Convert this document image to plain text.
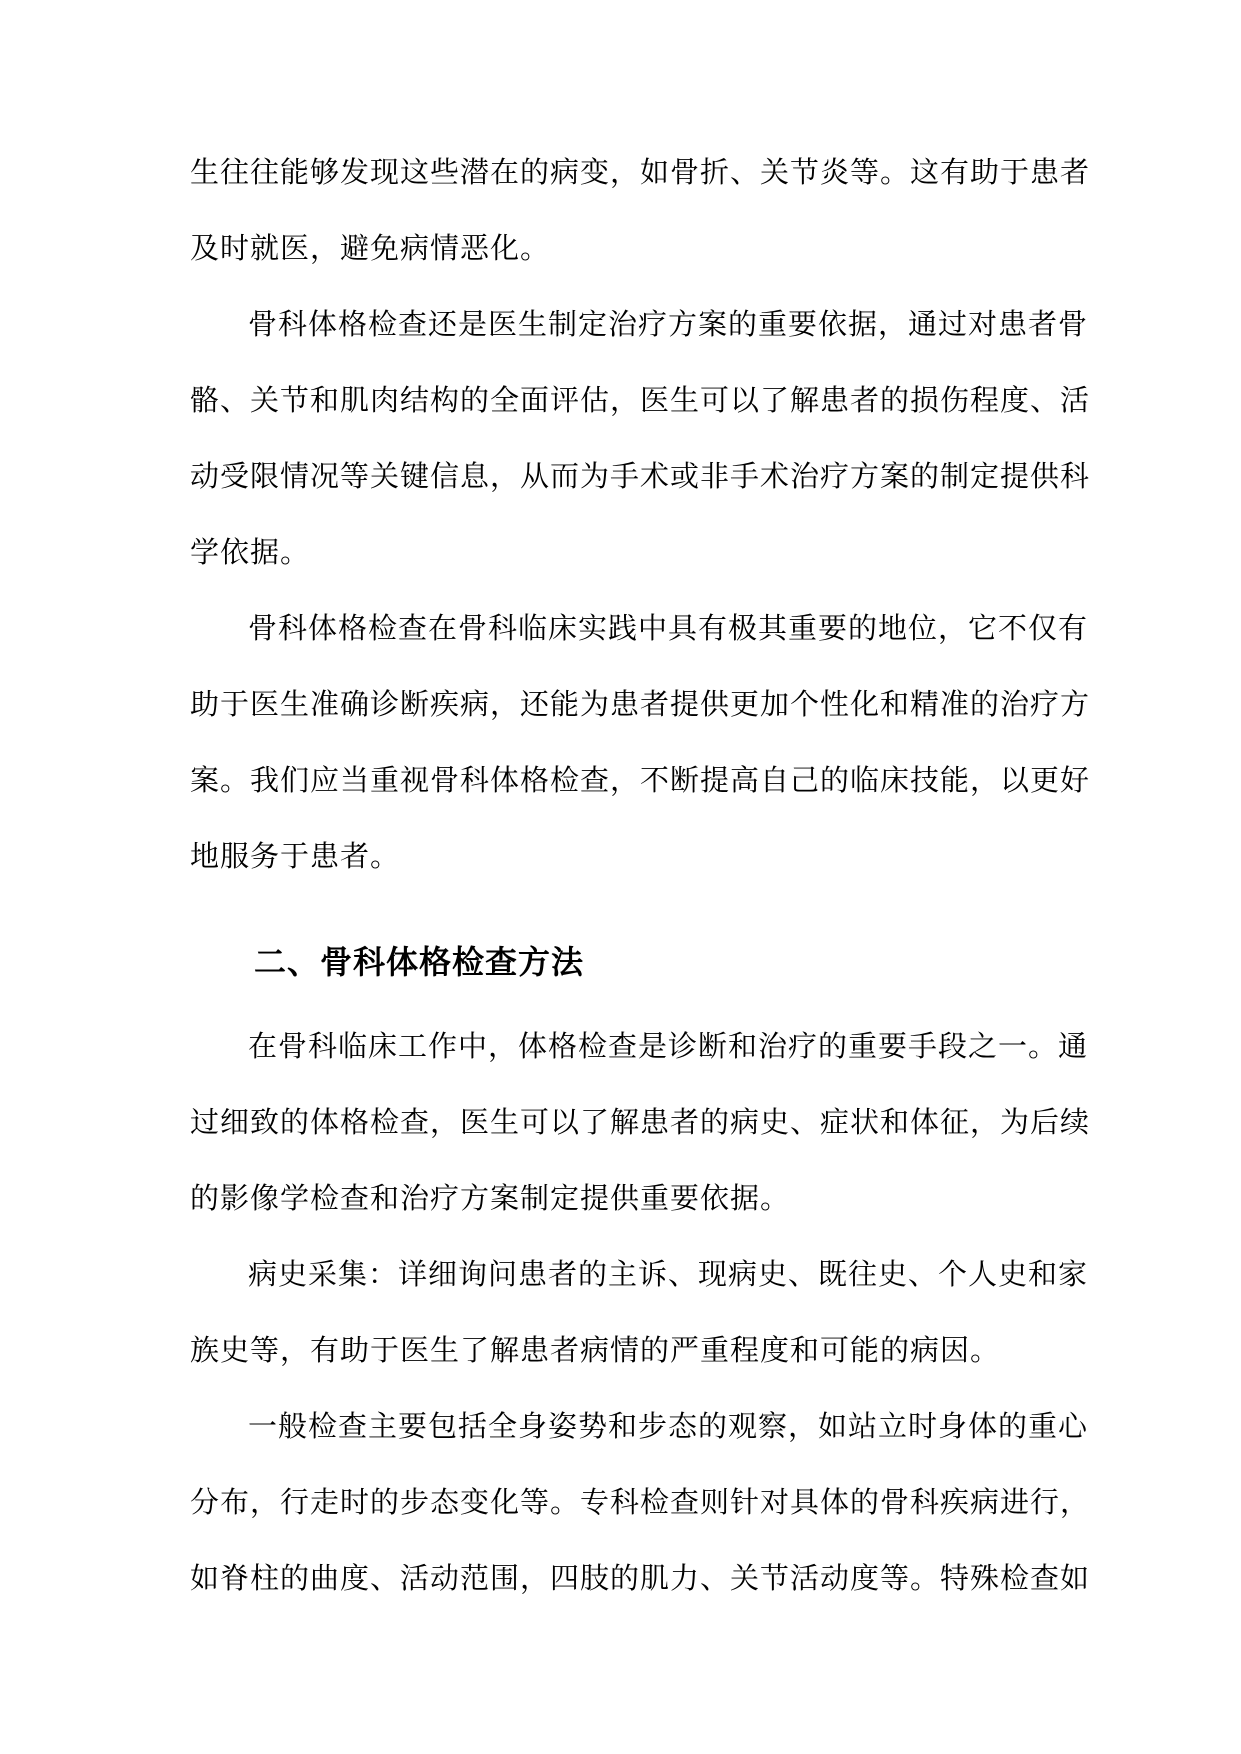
生往往能够发现这些潜在的病变，如骨折、关节炎等。这有助于患者
及时就医，避免病情恶化。
骨科体格检查还是医生制定治疗方案的重要依据，通过对患者骨
骼、关节和肌肉结构的全面评估，医生可以了解患者的损伤程度、活
动受限情况等关键信息，从而为手术或非手术治疗方案的制定提供科
学依据。
骨科体格检查在骨科临床实践中具有极其重要的地位，它不仅有
助于医生准确诊断疾病，还能为患者提供更加个性化和精准的治疗方
案。我们应当重视骨科体格检查，不断提高自己的临床技能，以更好
地服务于患者。
二、骨科体格检查方法
在骨科临床工作中，体格检查是诊断和治疗的重要手段之一。通
过细致的体格检查，医生可以了解患者的病史、症状和体征，为后续
的影像学检查和治疗方案制定提供重要依据。
病史采集：详细询问患者的主诉、现病史、既往史、个人史和家
族史等，有助于医生了解患者病情的严重程度和可能的病因。
一般检查主要包括全身姿势和步态的观察，如站立时身体的重心
分布，行走时的步态变化等。专科检查则针对具体的骨科疾病进行，
如脊柱的曲度、活动范围，四肢的肌力、关节活动度等。特殊检查如
